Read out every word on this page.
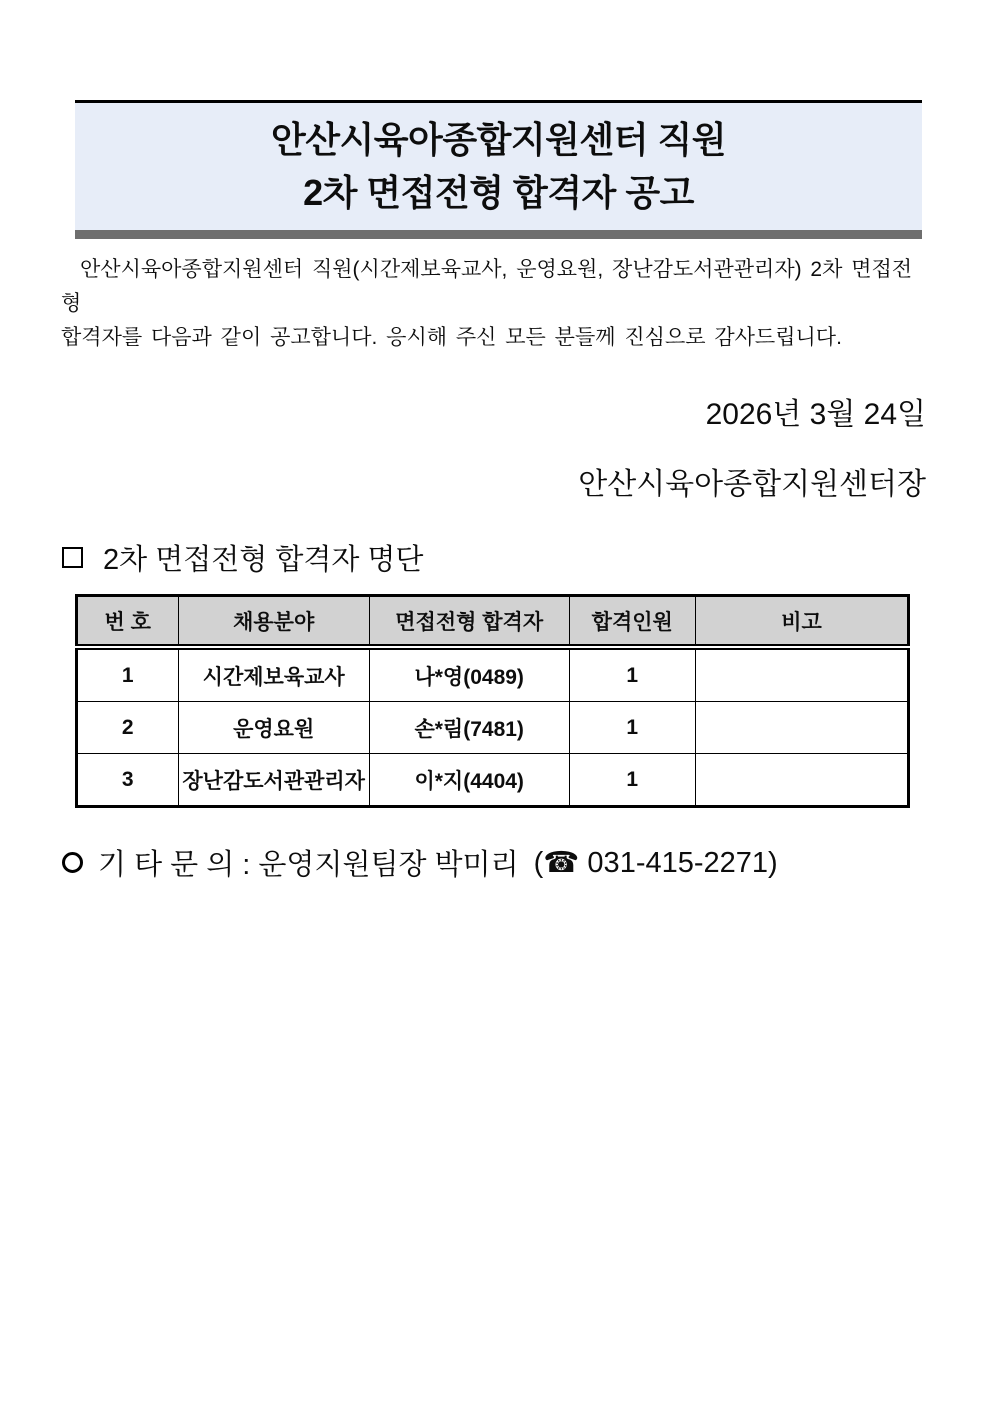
안산시육아종합지원센터 직원
2차 면접전형 합격자 공고
안산시육아종합지원센터 직원(시간제보육교사, 운영요원, 장난감도서관관리자) 2차 면접전형
합격자를 다음과 같이 공고합니다. 응시해 주신 모든 분들께 진심으로 감사드립니다.
2026년 3월 24일
안산시육아종합지원센터장
2차 면접전형 합격자 명단
번 호	채용분야	면접전형 합격자	합격인원	비고
1	시간제보육교사	나*영(0489)	1	
2	운영요원	손*림(7481)	1	
3	장난감도서관관리자	이*지(4404)	1	
기 타 문 의 : 운영지원팀장 박미리 (☎ 031-415-2271)
